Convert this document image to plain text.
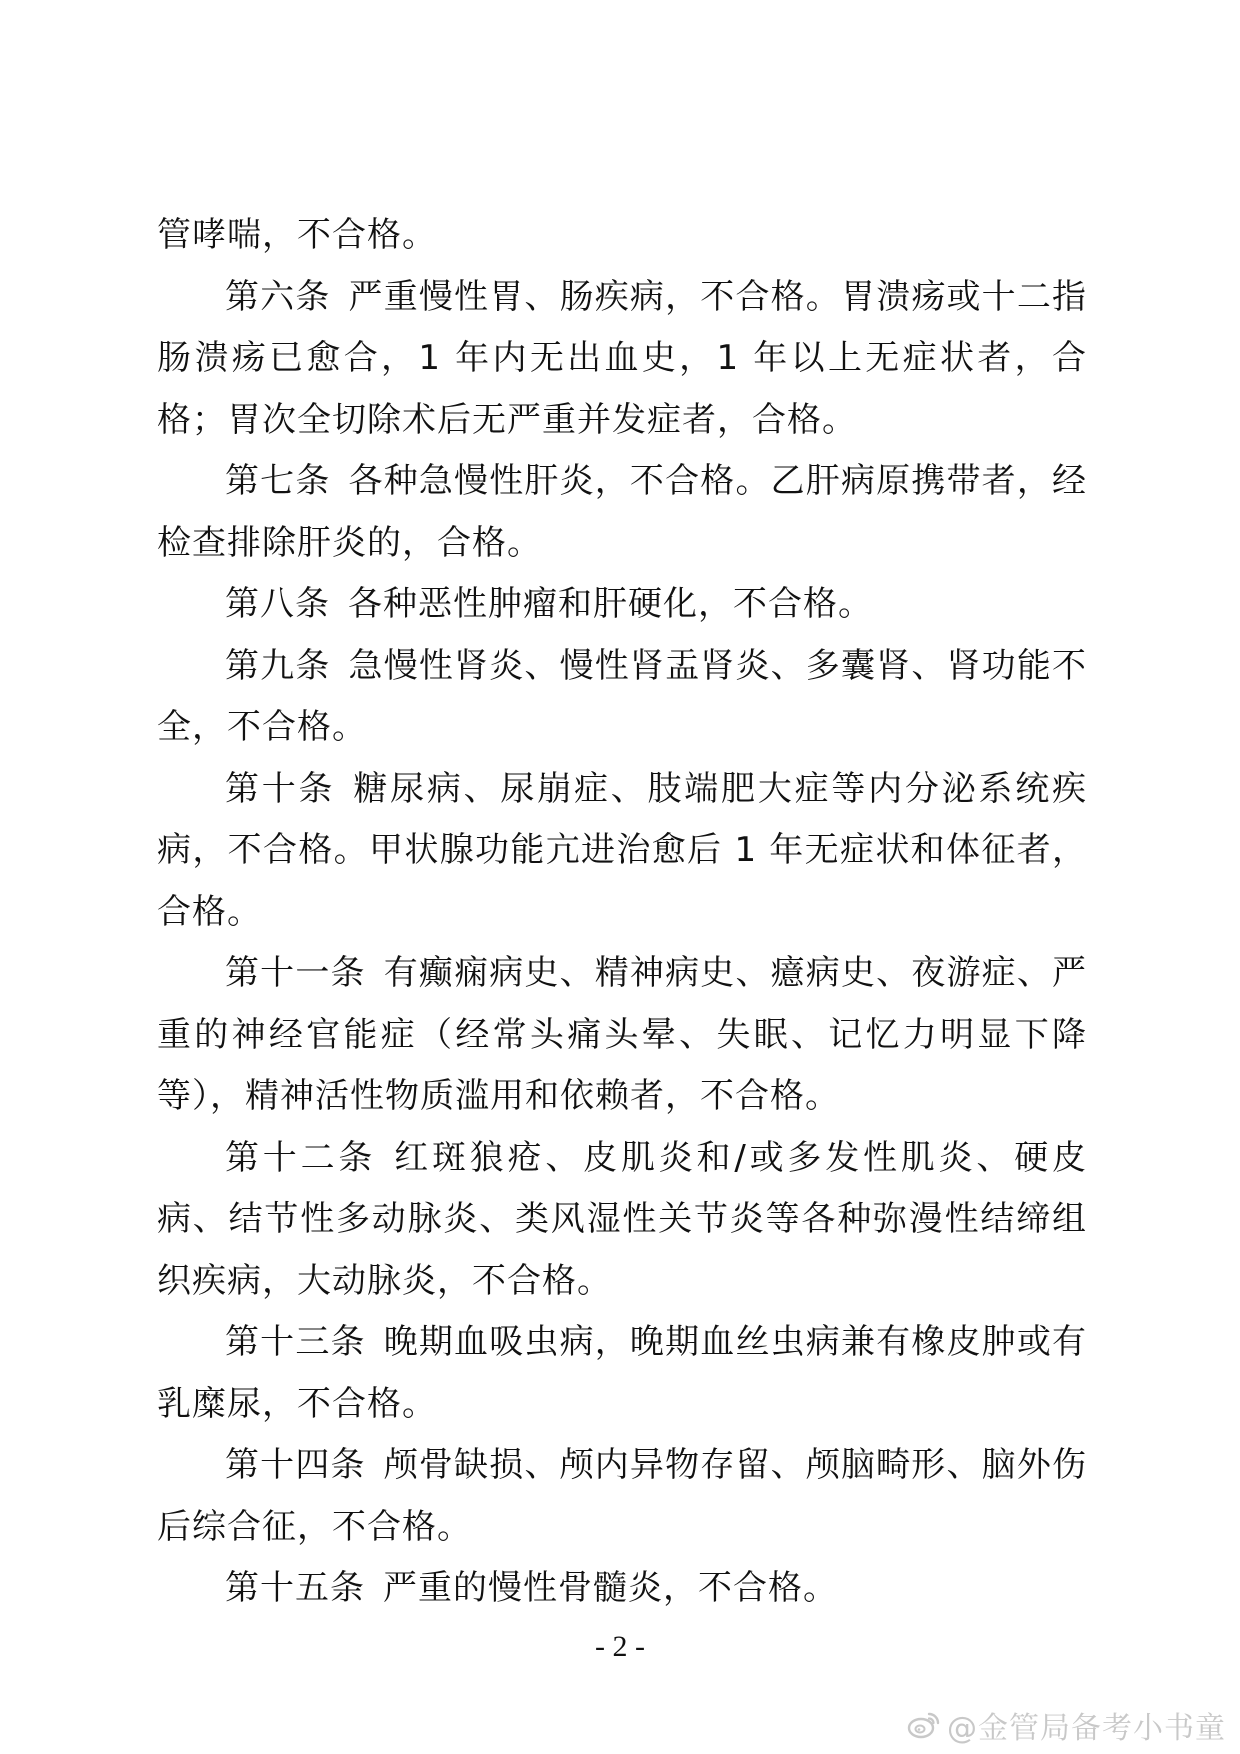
管哮喘，不合格。

第六条 严重慢性胃、肠疾病，不合格。胃溃疡或十二指肠溃疡已愈合，1 年内无出血史，1 年以上无症状者，合格；胃次全切除术后无严重并发症者，合格。

第七条 各种急慢性肝炎，不合格。乙肝病原携带者，经检查排除肝炎的，合格。

第八条 各种恶性肿瘤和肝硬化，不合格。

第九条 急慢性肾炎、慢性肾盂肾炎、多囊肾、肾功能不全，不合格。

第十条 糖尿病、尿崩症、肢端肥大症等内分泌系统疾病，不合格。甲状腺功能亢进治愈后 1 年无症状和体征者，合格。

第十一条 有癫痫病史、精神病史、癔病史、夜游症、严重的神经官能症（经常头痛头晕、失眠、记忆力明显下降等），精神活性物质滥用和依赖者，不合格。

第十二条 红斑狼疮、皮肌炎和/或多发性肌炎、硬皮病、结节性多动脉炎、类风湿性关节炎等各种弥漫性结缔组织疾病，大动脉炎，不合格。

第十三条 晚期血吸虫病，晚期血丝虫病兼有橡皮肿或有乳糜尿，不合格。

第十四条 颅骨缺损、颅内异物存留、颅脑畸形、脑外伤后综合征，不合格。

第十五条 严重的慢性骨髓炎，不合格。

- 2 -
@金管局备考小书童
